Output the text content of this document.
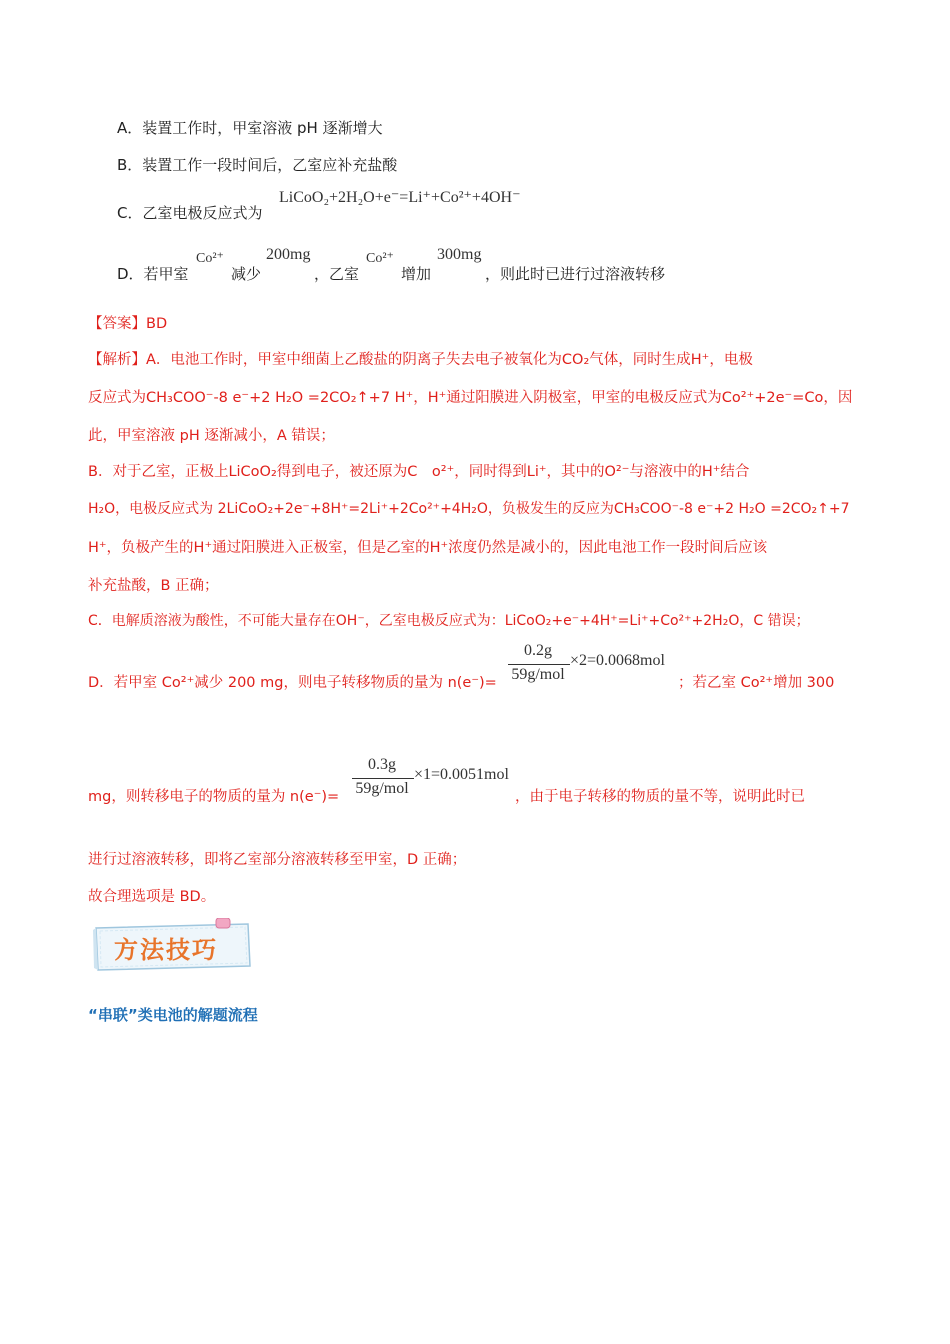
A．装置工作时，甲室溶液 pH 逐渐增大
B．装置工作一段时间后，乙室应补充盐酸
C．乙室电极反应式为
LiCoO₂+2H₂O+e⁻=Li⁺+Co²⁺+4OH⁻
D．若甲室
Co²⁺
减少
200mg
，乙室
Co²⁺
增加
300mg
，则此时已进行过溶液转移
【答案】BD
【解析】A．电池工作时，甲室中细菌上乙酸盐的阴离子失去电子被氧化为CO₂气体，同时生成H⁺，电极
反应式为CH₃COO⁻-8 e⁻+2 H₂O =2CO₂↑+7 H⁺，H⁺通过阳膜进入阴极室，甲室的电极反应式为Co²⁺+2e⁻=Co，因
此，甲室溶液 pH 逐渐减小，A 错误；
B．对于乙室，正极上LiCoO₂得到电子，被还原为C　o²⁺，同时得到Li⁺，其中的O²⁻与溶液中的H⁺结合
H₂O，电极反应式为 2LiCoO₂+2e⁻+8H⁺=2Li⁺+2Co²⁺+4H₂O，负极发生的反应为CH₃COO⁻-8 e⁻+2 H₂O =2CO₂↑+7
H⁺，负极产生的H⁺通过阳膜进入正极室，但是乙室的H⁺浓度仍然是减小的，因此电池工作一段时间后应该
补充盐酸，B 正确；
C．电解质溶液为酸性，不可能大量存在OH⁻，乙室电极反应式为：LiCoO₂+e⁻+4H⁺=Li⁺+Co²⁺+2H₂O，C 错误；
D．若甲室 Co²⁺减少 200 mg，则电子转移物质的量为 n(e⁻)=
0.2g
59g/mol
×2=0.0068mol
；若乙室 Co²⁺增加 300
mg，则转移电子的物质的量为 n(e⁻)=
0.3g
59g/mol
×1=0.0051mol
，由于电子转移的物质的量不等，说明此时已
进行过溶液转移，即将乙室部分溶液转移至甲室，D 正确；
故合理选项是 BD。
方法技巧
“串联”类电池的解题流程
